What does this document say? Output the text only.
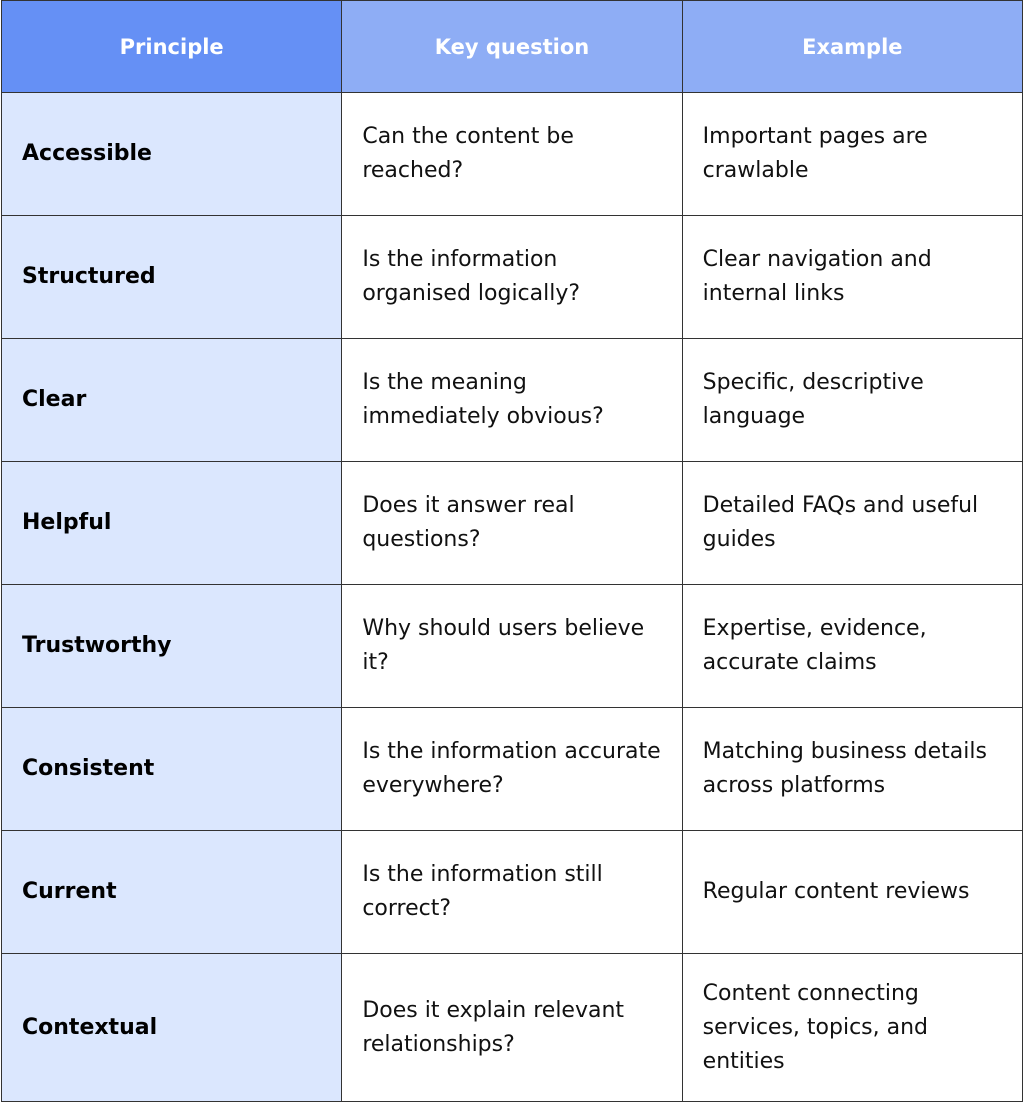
Principle	Key question	Example
Accessible	Can the content be reached?	Important pages are crawlable
Structured	Is the information organised logically?	Clear navigation and internal links
Clear	Is the meaning immediately obvious?	Specific, descriptive language
Helpful	Does it answer real questions?	Detailed FAQs and useful guides
Trustworthy	Why should users believe it?	Expertise, evidence, accurate claims
Consistent	Is the information accurate everywhere?	Matching business details across platforms
Current	Is the information still correct?	Regular content reviews
Contextual	Does it explain relevant relationships?	Content connecting services, topics, and entities
